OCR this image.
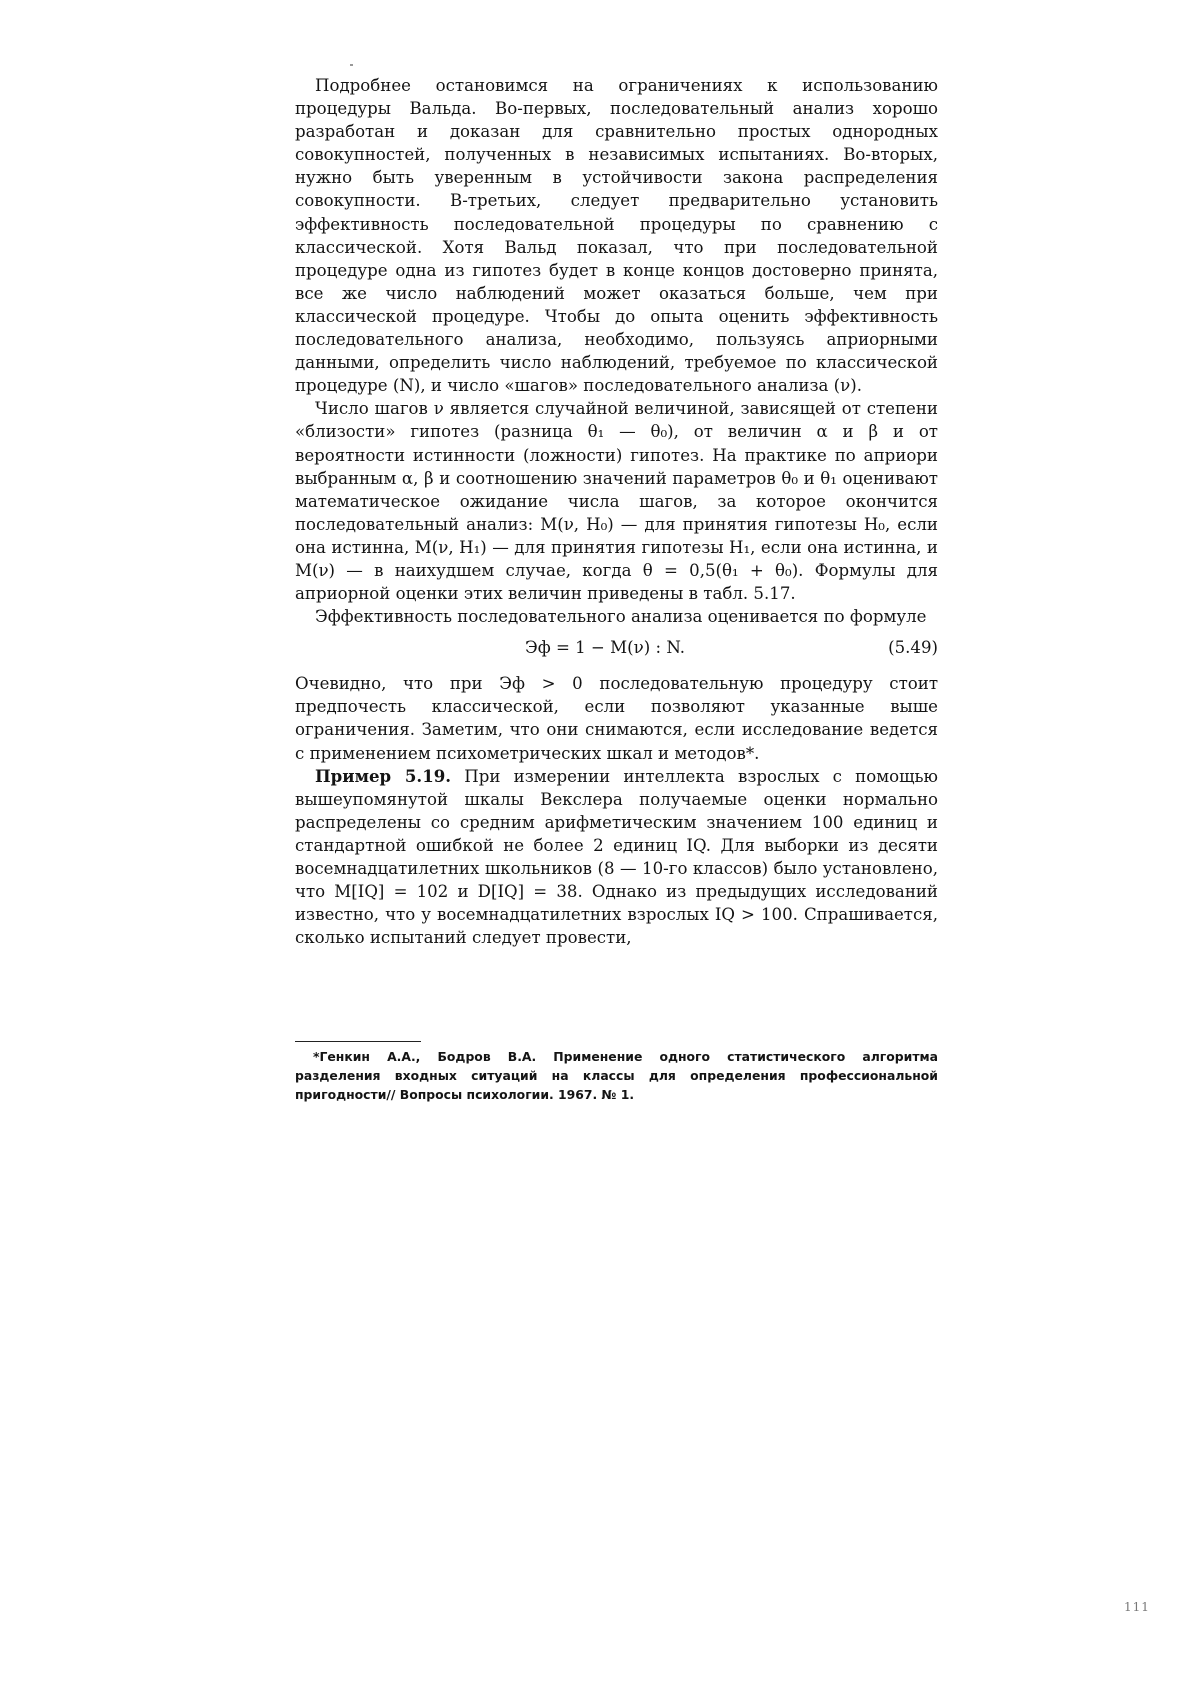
Подробнее остановимся на ограничениях к использованию процедуры Вальда. Во-первых, последовательный анализ хорошо разработан и доказан для сравнительно простых однородных совокупностей, полученных в независимых испытаниях. Во-вторых, нужно быть уверенным в устойчивости закона распределения совокупности. В-третьих, следует предварительно установить эффективность последовательной процедуры по сравнению с классической. Хотя Вальд показал, что при последовательной процедуре одна из гипотез будет в конце концов достоверно принята, все же число наблюдений может оказаться больше, чем при классической процедуре. Чтобы до опыта оценить эффективность последовательного анализа, необходимо, пользуясь априорными данными, определить число наблюдений, требуемое по классической процедуре (N), и число «шагов» последовательного анализа (ν).

Число шагов ν является случайной величиной, зависящей от степени «близости» гипотез (разница θ₁ — θ₀), от величин α и β и от вероятности истинности (ложности) гипотез. На практике по априори выбранным α, β и соотношению значений параметров θ₀ и θ₁ оценивают математическое ожидание числа шагов, за которое окончится последовательный анализ: M(ν, H₀) — для принятия гипотезы H₀, если она истинна, M(ν, H₁) — для принятия гипотезы H₁, если она истинна, и M(ν) — в наихудшем случае, когда θ = 0,5(θ₁ + θ₀). Формулы для априорной оценки этих величин приведены в табл. 5.17.

Эффективность последовательного анализа оценивается по формуле

Эф = 1 − M(ν) : N.	(5.49)

Очевидно, что при Эф > 0 последовательную процедуру стоит предпочесть классической, если позволяют указанные выше ограничения. Заметим, что они снимаются, если исследование ведется с применением психометрических шкал и методов*.

Пример 5.19. При измерении интеллекта взрослых с помощью вышеупомянутой шкалы Векслера получаемые оценки нормально распределены со средним арифметическим значением 100 единиц и стандартной ошибкой не более 2 единиц IQ. Для выборки из десяти восемнадцатилетних школьников (8 — 10-го классов) было установлено, что M[IQ] = 102 и D[IQ] = 38. Однако из предыдущих исследований известно, что у восемнадцатилетних взрослых IQ > 100. Спрашивается, сколько испытаний следует провести,

*Генкин А.А., Бодров В.А. Применение одного статистического алгоритма разделения входных ситуаций на классы для определения профессиональной пригодности// Вопросы психологии. 1967. № 1.
111
